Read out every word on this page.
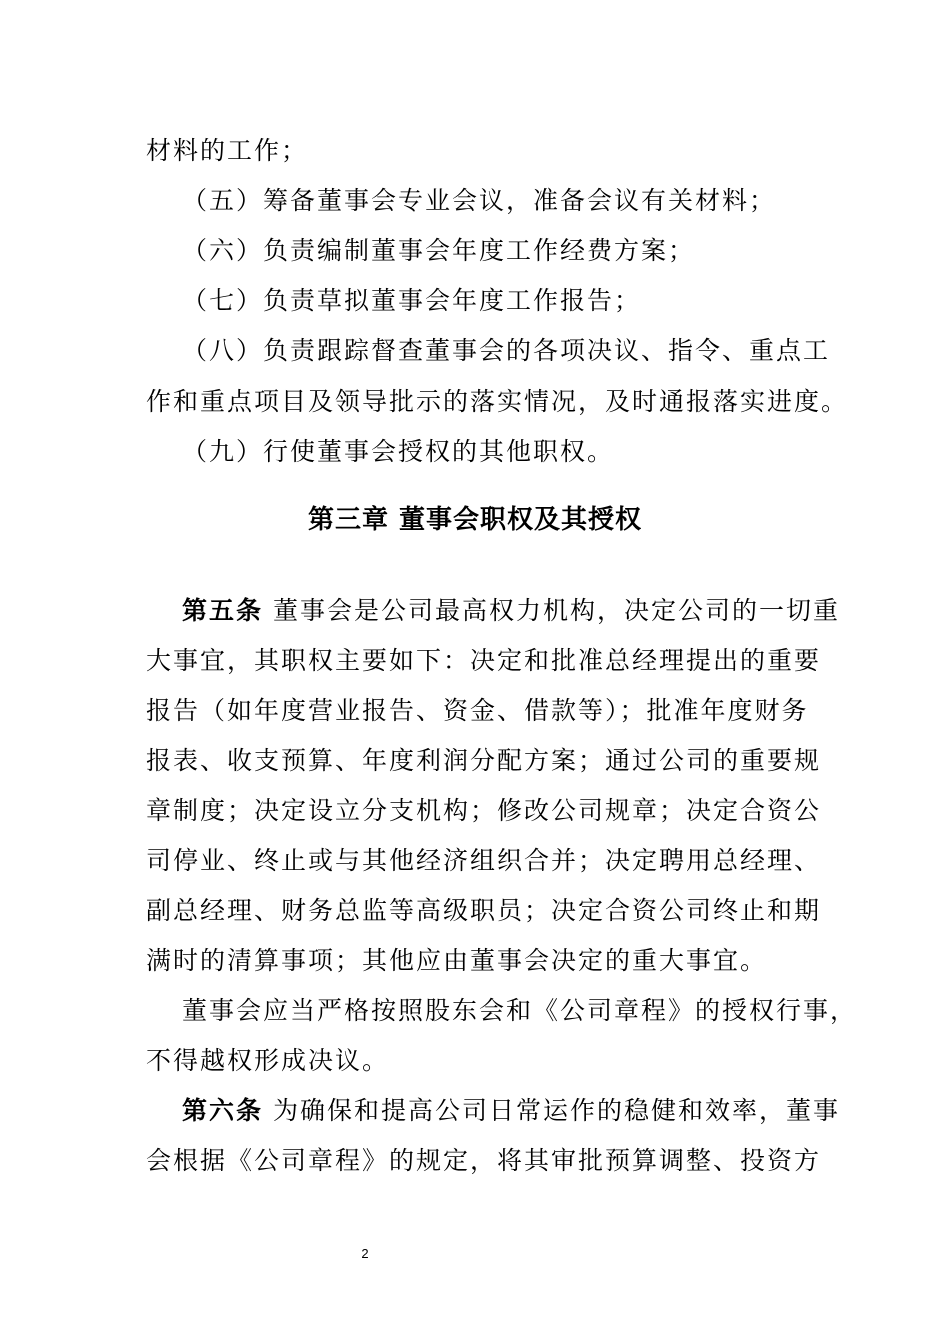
材料的工作；
（五）筹备董事会专业会议，准备会议有关材料；
（六）负责编制董事会年度工作经费方案；
（七）负责草拟董事会年度工作报告；
（八）负责跟踪督查董事会的各项决议、指令、重点工
作和重点项目及领导批示的落实情况，及时通报落实进度。
（九）行使董事会授权的其他职权。
第三章 董事会职权及其授权
第五条 董事会是公司最高权力机构，决定公司的一切重
大事宜，其职权主要如下：决定和批准总经理提出的重要
报告（如年度营业报告、资金、借款等）；批准年度财务
报表、收支预算、年度利润分配方案；通过公司的重要规
章制度；决定设立分支机构；修改公司规章；决定合资公
司停业、终止或与其他经济组织合并；决定聘用总经理、
副总经理、财务总监等高级职员；决定合资公司终止和期
满时的清算事项；其他应由董事会决定的重大事宜。
董事会应当严格按照股东会和《公司章程》的授权行事，
不得越权形成决议。
第六条 为确保和提高公司日常运作的稳健和效率，董事
会根据《公司章程》的规定，将其审批预算调整、投资方
2
